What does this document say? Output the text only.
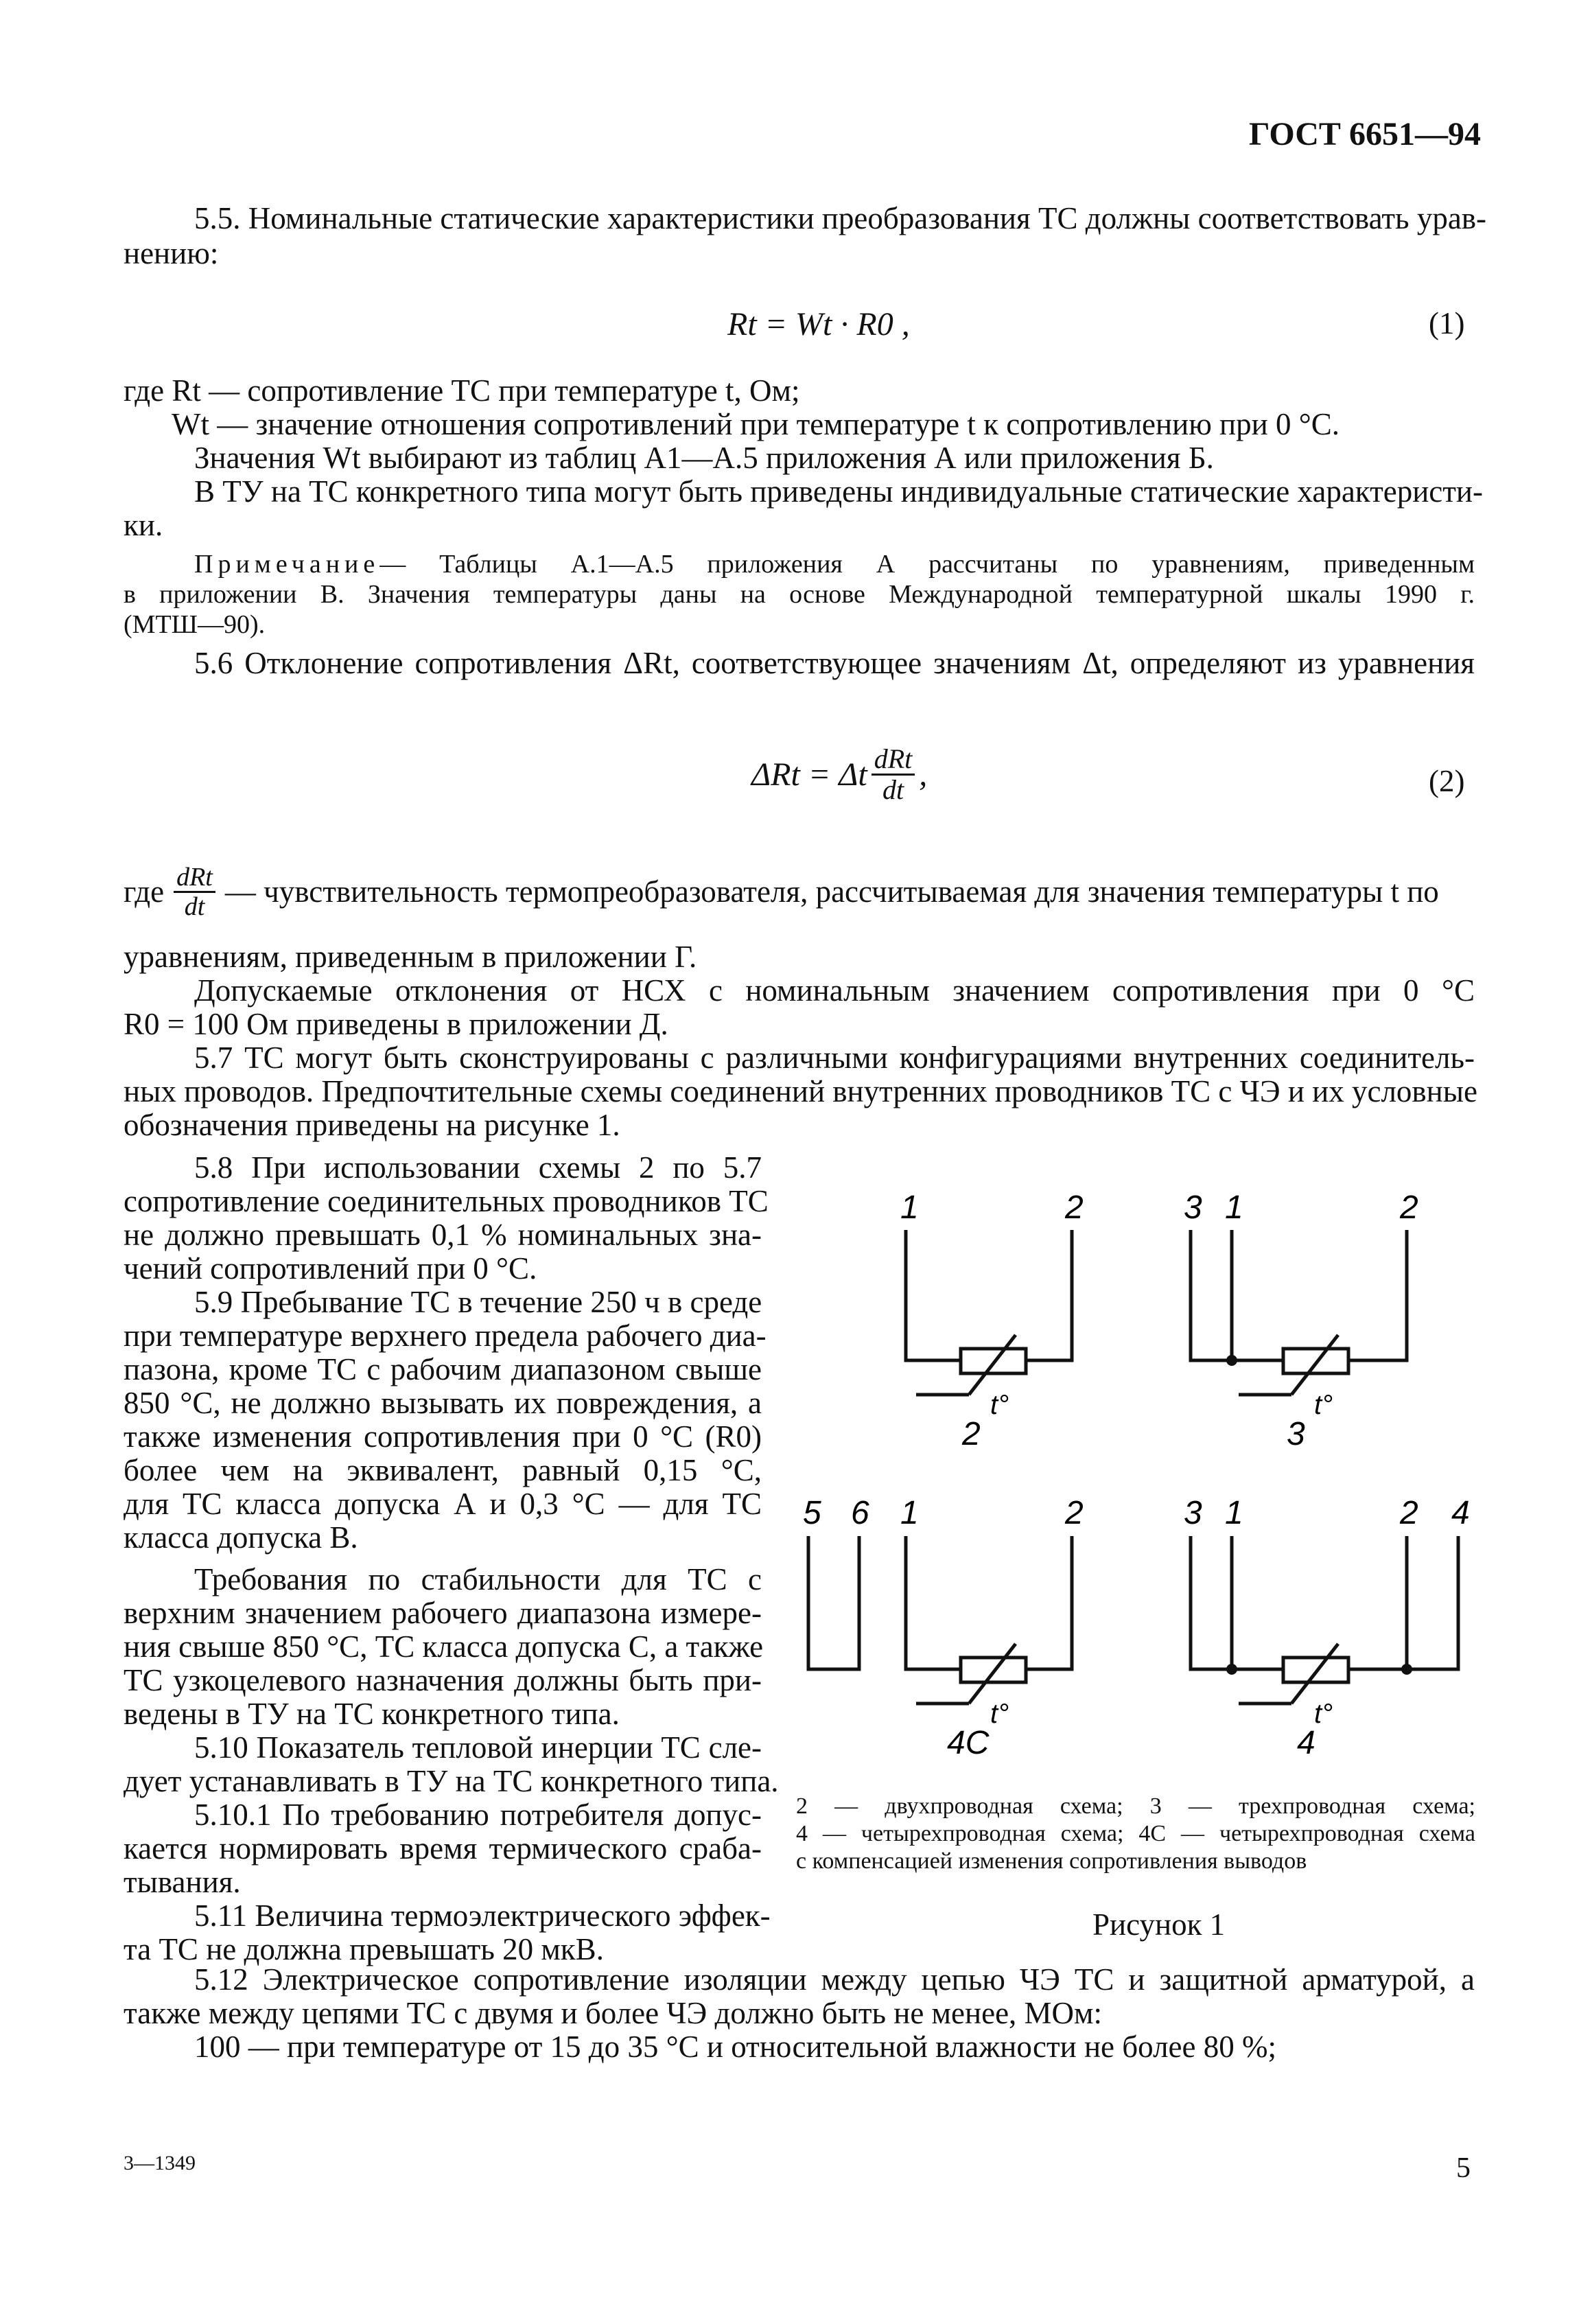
ГОСТ 6651—94
5.5. Номинальные статические характеристики преобразования ТС должны соответствовать урав-
нению:
Rt = Wt · R0 ,	(1)
где Rt — сопротивление ТС при температуре t, Ом;
Wt — значение отношения сопротивлений при температуре t к сопротивлению при 0 °С.
Значения Wt выбирают из таблиц А1—А.5 приложения А или приложения Б.
В ТУ на ТС конкретного типа могут быть приведены индивидуальные статические характеристи-
ки.
Примечание— Таблицы А.1—А.5 приложения А рассчитаны по уравнениям, приведенным
в приложении В. Значения температуры даны на основе Международной температурной шкалы 1990 г.
(МТШ—90).
5.6 Отклонение сопротивления ΔRt, соответствующее значениям Δt, определяют из уравнения
ΔRt = Δt dRt
dt ,	(2)
где dRt
dt — чувствительность термопреобразователя, рассчитываемая для значения температуры t по
уравнениям, приведенным в приложении Г.
Допускаемые отклонения от НСХ с номинальным значением сопротивления при 0 °С
R0 = 100 Ом приведены в приложении Д.
5.7 ТС могут быть сконструированы с различными конфигурациями внутренних соединитель-
ных проводов. Предпочтительные схемы соединений внутренних проводников ТС с ЧЭ и их условные
обозначения приведены на рисунке 1.
5.8 При использовании схемы 2 по 5.7
сопротивление соединительных проводников ТС
не должно превышать 0,1 % номинальных зна-
чений сопротивлений при 0 °С.
5.9 Пребывание ТС в течение 250 ч в среде
при температуре верхнего предела рабочего диа-
пазона, кроме ТС с рабочим диапазоном свыше
850 °С, не должно вызывать их повреждения, а
также изменения сопротивления при 0 °С (R0)
более чем на эквивалент, равный 0,15 °С,
для ТС класса допуска А и 0,3 °С — для ТС
класса допуска В.
Требования по стабильности для ТС с
верхним значением рабочего диапазона измере-
ния свыше 850 °С, ТС класса допуска С, а также
ТС узкоцелевого назначения должны быть при-
ведены в ТУ на ТС конкретного типа.
5.10 Показатель тепловой инерции ТС сле-
дует устанавливать в ТУ на ТС конкретного типа.
5.10.1 По требованию потребителя допус-
кается нормировать время термического сраба-
тывания.
5.11 Величина термоэлектрического эффек-
та ТС не должна превышать 20 мкВ.
1	2
t°
2
3 1	2
t°
3
5 6 1	2
t°
4С
3 1	2 4
t°
4
2 — двухпроводная схема; 3 — трехпроводная схема;
4 — четырехпроводная схема; 4С — четырехпроводная схема
с компенсацией изменения сопротивления выводов
Рисунок 1
5.12 Электрическое сопротивление изоляции между цепью ЧЭ ТС и защитной арматурой, а
также между цепями ТС с двумя и более ЧЭ должно быть не менее, МОм:
100 — при температуре от 15 до 35 °С и относительной влажности не более 80 %;
3—1349	5
